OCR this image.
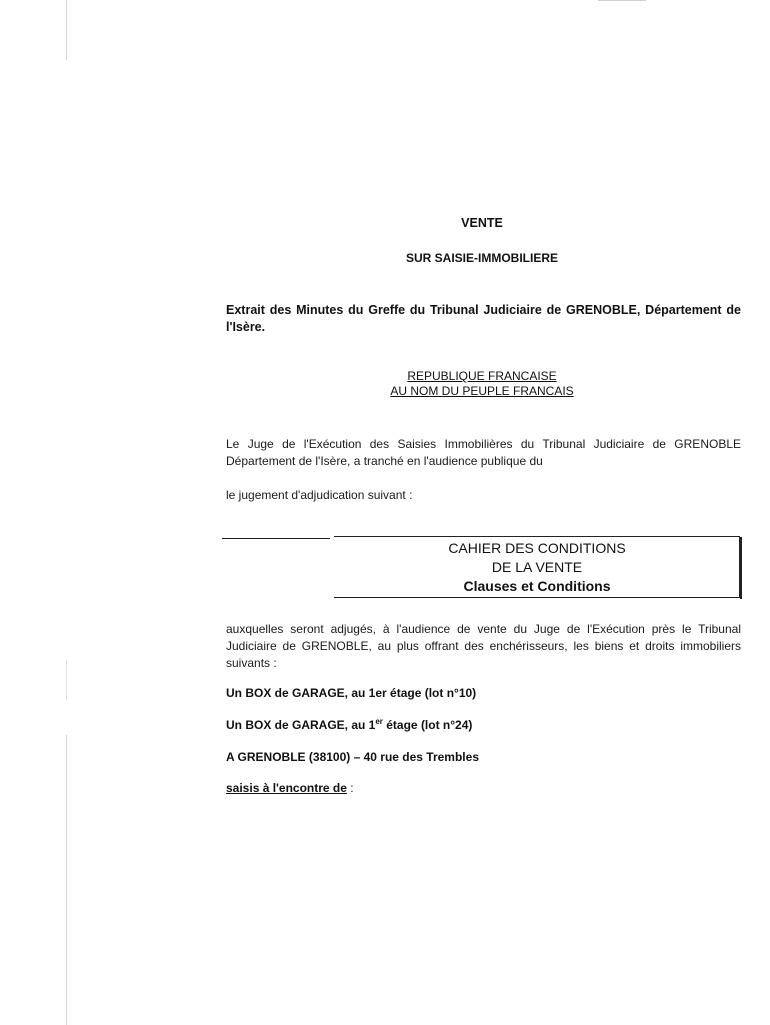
VENTE
SUR SAISIE-IMMOBILIERE
Extrait des Minutes du Greffe du Tribunal Judiciaire de GRENOBLE, Département de l'Isère.
REPUBLIQUE FRANCAISE
AU NOM DU PEUPLE FRANCAIS
Le Juge de l'Exécution des Saisies Immobilières du Tribunal Judiciaire de GRENOBLE Département de l'Isère, a tranché en l'audience publique du
le jugement d'adjudication suivant :
CAHIER DES CONDITIONS
DE LA VENTE
Clauses et Conditions
auxquelles seront adjugés, à l'audience de vente du Juge de l'Exécution près le Tribunal Judiciaire de GRENOBLE, au plus offrant des enchérisseurs, les biens et droits immobiliers suivants :
Un BOX de GARAGE, au 1er étage (lot n°10)
Un BOX de GARAGE, au 1er étage (lot n°24)
A GRENOBLE (38100) – 40 rue des Trembles
saisis à l'encontre de :
